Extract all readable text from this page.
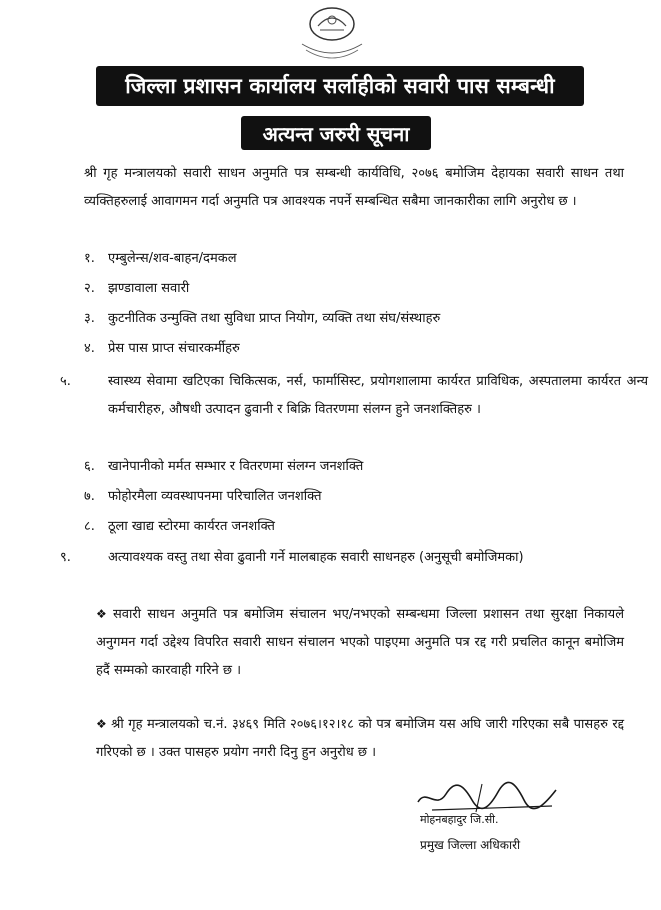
जिल्ला प्रशासन कार्यालय सर्लाहीको सवारी पास सम्बन्धी
अत्यन्त जरुरी सूचना
श्री गृह मन्त्रालयको सवारी साधन अनुमति पत्र सम्बन्धी कार्यविधि, २०७६ बमोजिम देहायका सवारी साधन तथा व्यक्तिहरुलाई आवागमन गर्दा अनुमति पत्र आवश्यक नपर्ने सम्बन्धित सबैमा जानकारीका लागि अनुरोध छ ।
१. एम्बुलेन्स/शव-बाहन/दमकल
२. झण्डावाला सवारी
३. कुटनीतिक उन्मुक्ति तथा सुविधा प्राप्त नियोग, व्यक्ति तथा संघ/संस्थाहरु
४. प्रेस पास प्राप्त संचारकर्मीहरु
५.	स्वास्थ्य सेवामा खटिएका चिकित्सक, नर्स, फार्मासिस्ट, प्रयोगशालामा कार्यरत प्राविधिक, अस्पतालमा कार्यरत अन्य कर्मचारीहरु, औषधी उत्पादन ढुवानी र बिक्रि वितरणमा संलग्न हुने जनशक्तिहरु ।
६. खानेपानीको मर्मत सम्भार र वितरणमा संलग्न जनशक्ति
७. फोहोरमैला व्यवस्थापनमा परिचालित जनशक्ति
८. ठूला खाद्य स्टोरमा कार्यरत जनशक्ति
९.	अत्यावश्यक वस्तु तथा सेवा ढुवानी गर्ने मालबाहक सवारी साधनहरु (अनुसूची बमोजिमका)
❖ सवारी साधन अनुमति पत्र बमोजिम संचालन भए/नभएको सम्बन्धमा जिल्ला प्रशासन तथा सुरक्षा निकायले अनुगमन गर्दा उद्देश्य विपरित सवारी साधन संचालन भएको पाइएमा अनुमति पत्र रद्द गरी प्रचलित कानून बमोजिम हदैं सम्मको कारवाही गरिने छ ।
❖ श्री गृह मन्त्रालयको च.नं. ३४६९ मिति २०७६।१२।१८ को पत्र बमोजिम यस अघि जारी गरिएका सबै पासहरु रद्द गरिएको छ । उक्त पासहरु प्रयोग नगरी दिनु हुन अनुरोध छ ।
मोहनबहादुर जि.सी.
प्रमुख जिल्ला अधिकारी
